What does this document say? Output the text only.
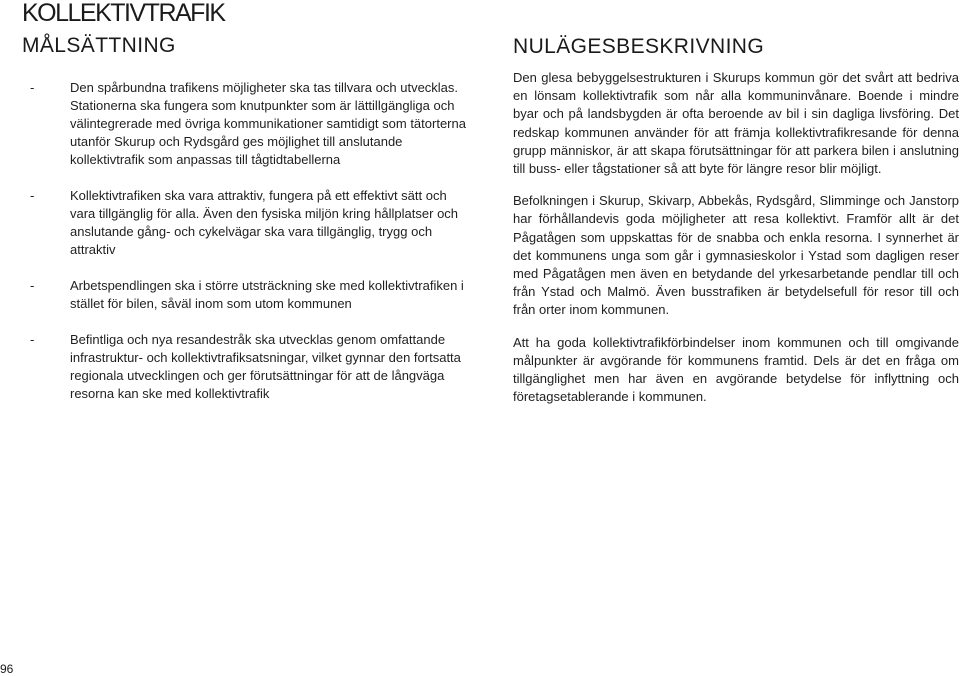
KOLLEKTIVTRAFIK
MÅLSÄTTNING
-	Den spårbundna trafikens möjligheter ska tas tillvara och utvecklas. Stationerna ska fungera som knutpunkter som är lättillgängliga och välintegrerade med övriga kommunikationer samtidigt som tätorterna utanför Skurup och Rydsgård ges möjlighet till anslutande kollektivtrafik som anpassas till tågtidtabellerna
-	Kollektivtrafiken ska vara attraktiv, fungera på ett effektivt sätt och vara tillgänglig för alla. Även den fysiska miljön kring hållplatser och anslutande gång- och cykelvägar ska vara tillgänglig, trygg och attraktiv
-	Arbetspendlingen ska i större utsträckning ske med kollektivtrafiken i stället för bilen, såväl inom som utom kommunen
-	Befintliga och nya resandestråk ska utvecklas genom omfattande infrastruktur- och kollektivtrafiksatsningar, vilket gynnar den fortsatta regionala utvecklingen och ger förutsättningar för att de långväga resorna kan ske med kollektivtrafik
NULÄGESBESKRIVNING

Den glesa bebyggelsestrukturen i Skurups kommun gör det svårt att bedriva en lönsam kollektivtrafik som når alla kommuninvånare. Boende i mindre byar och på landsbygden är ofta beroende av bil i sin dagliga livsföring. Det redskap kommunen använder för att främja kollektivtrafikresande för denna grupp människor, är att skapa förutsättningar för att parkera bilen i anslutning till buss- eller tågstationer så att byte för längre resor blir möjligt.

Befolkningen i Skurup, Skivarp, Abbekås, Rydsgård, Slimminge och Janstorp har förhållandevis goda möjligheter att resa kollektivt. Framför allt är det Pågatågen som uppskattas för de snabba och enkla resorna. I synnerhet är det kommunens unga som går i gymnasieskolor i Ystad som dagligen reser med Pågatågen men även en betydande del yrkesarbetande pendlar till och från Ystad och Malmö. Även busstrafiken är betydelsefull för resor till och från orter inom kommunen.

Att ha goda kollektivtrafikförbindelser inom kommunen och till omgivande målpunkter är avgörande för kommunens framtid. Dels är det en fråga om tillgänglighet men har även en avgörande betydelse för inflyttning och företagsetablerande i kommunen.

96
